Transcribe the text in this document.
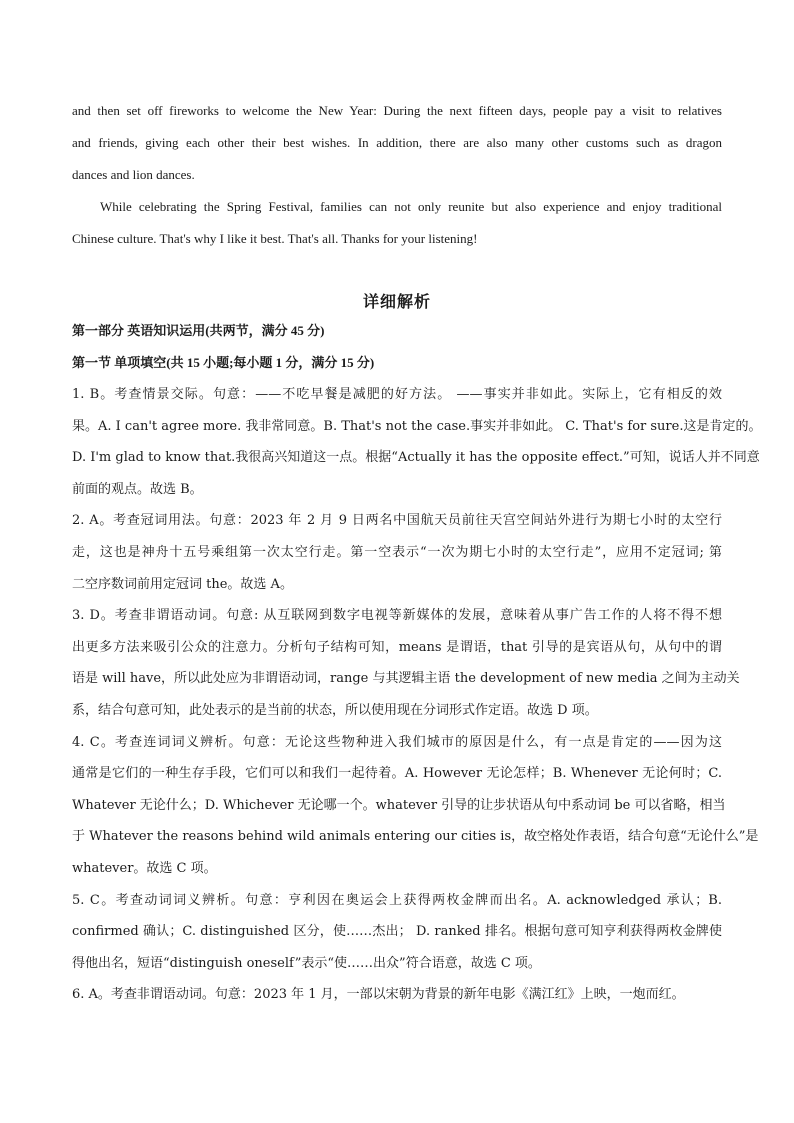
and then set off fireworks to welcome the New Year: During the next fifteen days, people pay a visit to relatives
and friends, giving each other their best wishes. In addition, there are also many other customs such as dragon
dances and lion dances.

While celebrating the Spring Festival, families can not only reunite but also experience and enjoy traditional
Chinese culture. That's why I like it best. That's all. Thanks for your listening!

详细解析
第一部分 英语知识运用(共两节，满分 45 分)
第一节 单项填空(共 15 小题;每小题 1 分，满分 15 分)

1. B。考查情景交际。句意：——不吃早餐是减肥的好方法。 ——事实并非如此。实际上，它有相反的效
果。A. I can't agree more. 我非常同意。B. That's not the case.事实并非如此。 C. That's for sure.这是肯定的。
D. I'm glad to know that.我很高兴知道这一点。根据“Actually it has the opposite effect.”可知，说话人并不同意
前面的观点。故选 B。

2. A。考查冠词用法。句意：2023 年 2 月 9 日两名中国航天员前往天宫空间站外进行为期七小时的太空行
走，这也是神舟十五号乘组第一次太空行走。第一空表示“一次为期七小时的太空行走”，应用不定冠词; 第
二空序数词前用定冠词 the。故选 A。

3. D。考查非谓语动词。句意: 从互联网到数字电视等新媒体的发展，意味着从事广告工作的人将不得不想
出更多方法来吸引公众的注意力。分析句子结构可知，means 是谓语，that 引导的是宾语从句，从句中的谓
语是 will have，所以此处应为非谓语动词，range 与其逻辑主语 the development of new media 之间为主动关
系，结合句意可知，此处表示的是当前的状态，所以使用现在分词形式作定语。故选 D 项。

4. C。考查连词词义辨析。句意：无论这些物种进入我们城市的原因是什么，有一点是肯定的——因为这
通常是它们的一种生存手段，它们可以和我们一起待着。A. However 无论怎样；B. Whenever 无论何时；C.
Whatever 无论什么；D. Whichever 无论哪一个。whatever 引导的让步状语从句中系动词 be 可以省略，相当
于 Whatever the reasons behind wild animals entering our cities is，故空格处作表语，结合句意“无论什么”是
whatever。故选 C 项。

5. C。考查动词词义辨析。句意：亨利因在奥运会上获得两枚金牌而出名。A. acknowledged 承认；B.
confirmed 确认；C. distinguished 区分，使……杰出； D. ranked 排名。根据句意可知亨利获得两枚金牌使
得他出名，短语“distinguish oneself”表示“使……出众”符合语意，故选 C 项。

6. A。考查非谓语动词。句意：2023 年 1 月，一部以宋朝为背景的新年电影《满江红》上映，一炮而红。
